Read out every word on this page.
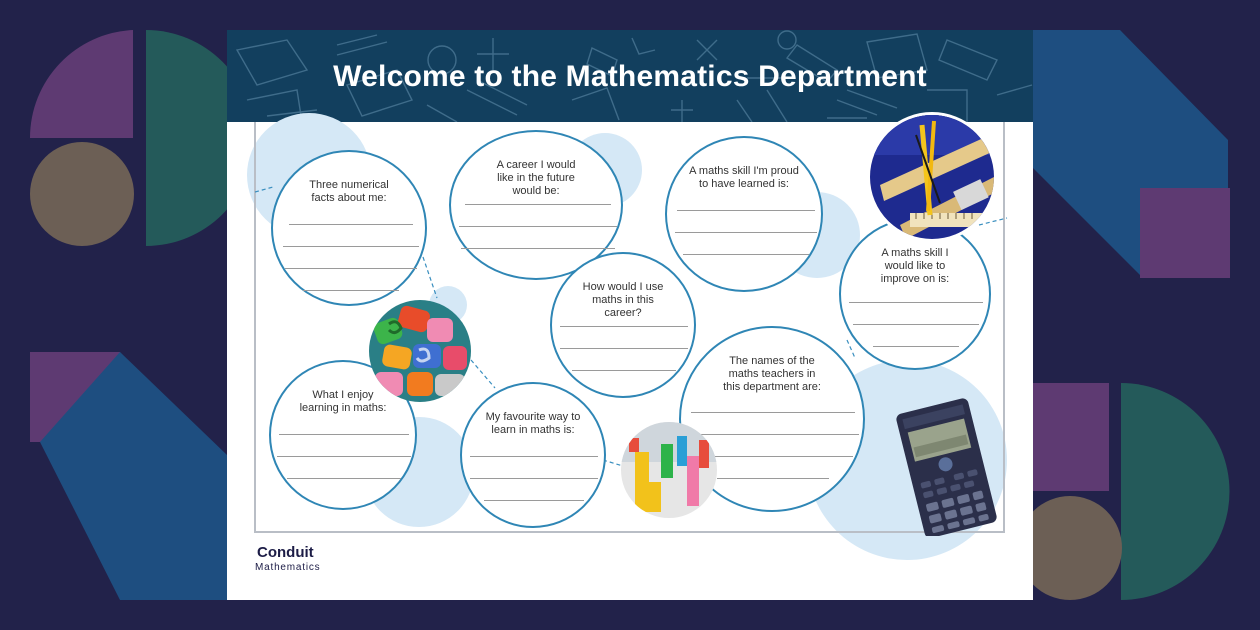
Welcome to the Mathematics Department
Three numerical facts about me:
A career I would like in the future would be:
A maths skill I'm proud to have learned is:
How would I use maths in this career?
A maths skill I would like to improve on is:
The names of the maths teachers in this department are:
What I enjoy learning in maths:
My favourite way to learn in maths is:
Conduit
Mathematics
